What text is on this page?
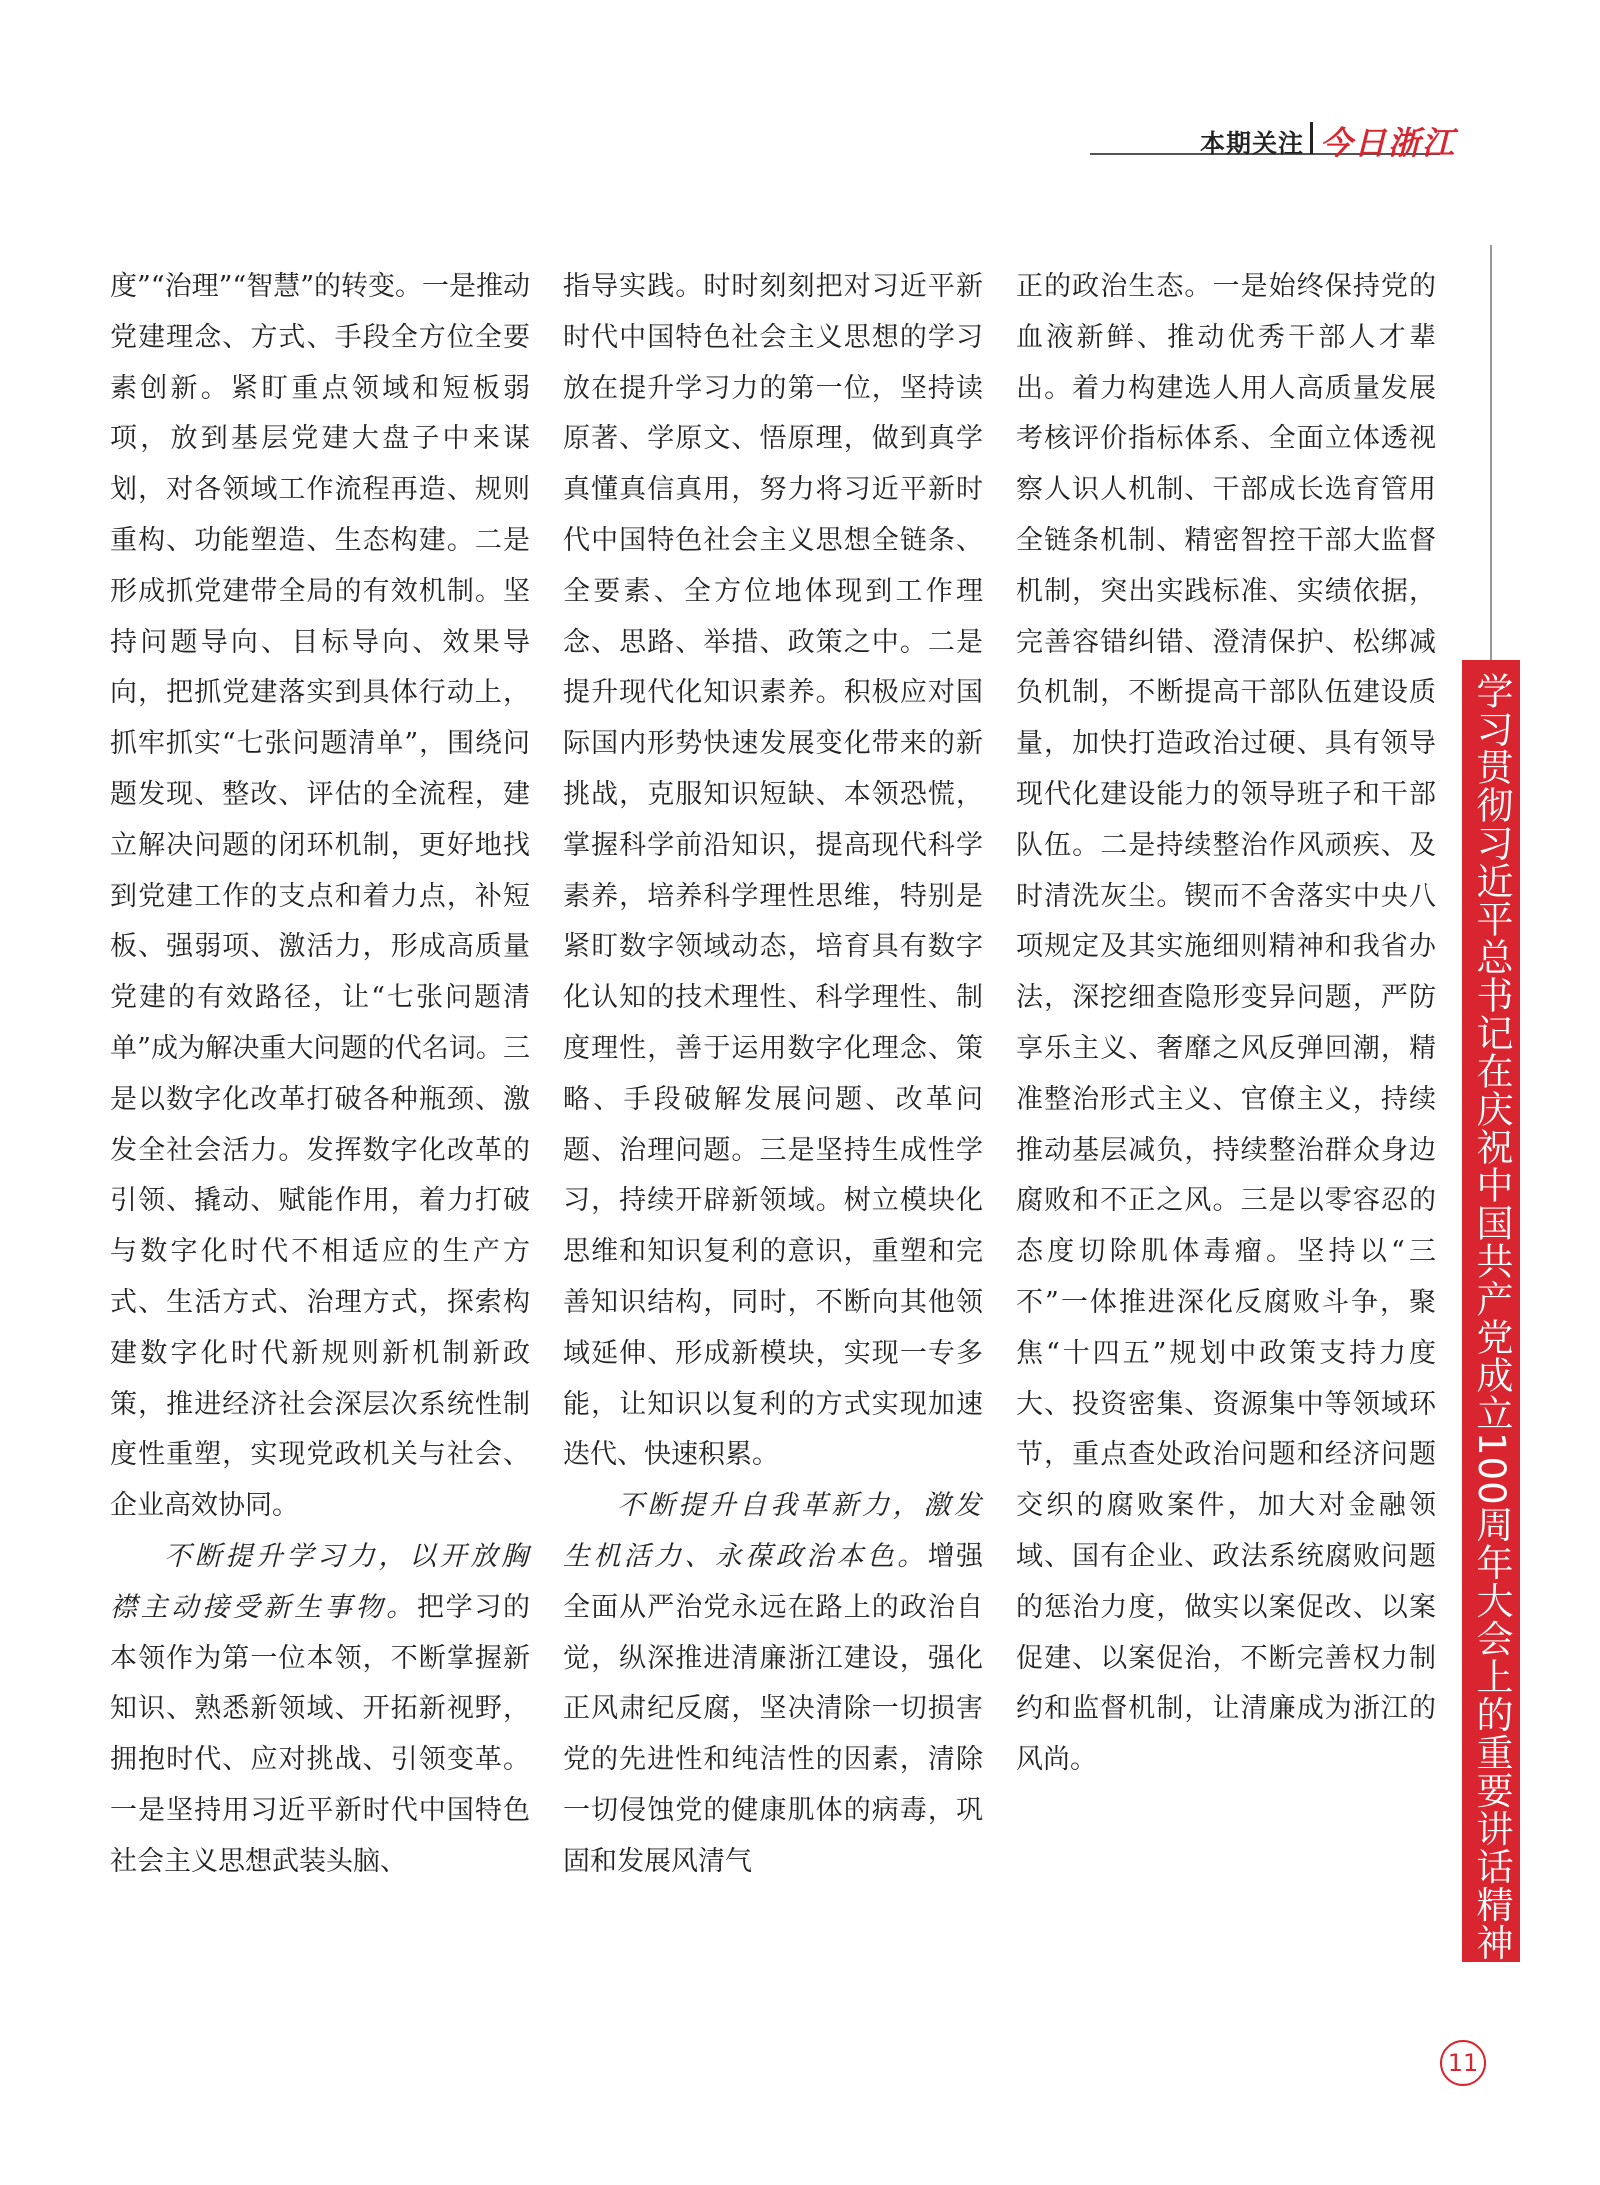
本期关注 今日浙江
学习贯彻习近平总书记在庆祝中国共产党成立100周年大会上的重要讲话精神

度”“治理”“智慧”的转变。一是推动党建理念、方式、手段全方位全要素创新。紧盯重点领域和短板弱项，放到基层党建大盘子中来谋划，对各领域工作流程再造、规则重构、功能塑造、生态构建。二是形成抓党建带全局的有效机制。坚持问题导向、目标导向、效果导向，把抓党建落实到具体行动上，抓牢抓实“七张问题清单”，围绕问题发现、整改、评估的全流程，建立解决问题的闭环机制，更好地找到党建工作的支点和着力点，补短板、强弱项、激活力，形成高质量党建的有效路径，让“七张问题清单”成为解决重大问题的代名词。三是以数字化改革打破各种瓶颈、激发全社会活力。发挥数字化改革的引领、撬动、赋能作用，着力打破与数字化时代不相适应的生产方式、生活方式、治理方式，探索构建数字化时代新规则新机制新政策，推进经济社会深层次系统性制度性重塑，实现党政机关与社会、企业高效协同。

不断提升学习力，以开放胸襟主动接受新生事物。把学习的本领作为第一位本领，不断掌握新知识、熟悉新领域、开拓新视野，拥抱时代、应对挑战、引领变革。一是坚持用习近平新时代中国特色社会主义思想武装头脑、

指导实践。时时刻刻把对习近平新时代中国特色社会主义思想的学习放在提升学习力的第一位，坚持读原著、学原文、悟原理，做到真学真懂真信真用，努力将习近平新时代中国特色社会主义思想全链条、全要素、全方位地体现到工作理念、思路、举措、政策之中。二是提升现代化知识素养。积极应对国际国内形势快速发展变化带来的新挑战，克服知识短缺、本领恐慌，掌握科学前沿知识，提高现代科学素养，培养科学理性思维，特别是紧盯数字领域动态，培育具有数字化认知的技术理性、科学理性、制度理性，善于运用数字化理念、策略、手段破解发展问题、改革问题、治理问题。三是坚持生成性学习，持续开辟新领域。树立模块化思维和知识复利的意识，重塑和完善知识结构，同时，不断向其他领域延伸、形成新模块，实现一专多能，让知识以复利的方式实现加速迭代、快速积累。

不断提升自我革新力，激发生机活力、永葆政治本色。增强全面从严治党永远在路上的政治自觉，纵深推进清廉浙江建设，强化正风肃纪反腐，坚决清除一切损害党的先进性和纯洁性的因素，清除一切侵蚀党的健康肌体的病毒，巩固和发展风清气

正的政治生态。一是始终保持党的血液新鲜、推动优秀干部人才辈出。着力构建选人用人高质量发展考核评价指标体系、全面立体透视察人识人机制、干部成长选育管用全链条机制、精密智控干部大监督机制，突出实践标准、实绩依据，完善容错纠错、澄清保护、松绑减负机制，不断提高干部队伍建设质量，加快打造政治过硬、具有领导现代化建设能力的领导班子和干部队伍。二是持续整治作风顽疾、及时清洗灰尘。锲而不舍落实中央八项规定及其实施细则精神和我省办法，深挖细查隐形变异问题，严防享乐主义、奢靡之风反弹回潮，精准整治形式主义、官僚主义，持续推动基层减负，持续整治群众身边腐败和不正之风。三是以零容忍的态度切除肌体毒瘤。坚持以“三不”一体推进深化反腐败斗争，聚焦“十四五”规划中政策支持力度大、投资密集、资源集中等领域环节，重点查处政治问题和经济问题交织的腐败案件，加大对金融领域、国有企业、政法系统腐败问题的惩治力度，做实以案促改、以案促建、以案促治，不断完善权力制约和监督机制，让清廉成为浙江的风尚。

11
